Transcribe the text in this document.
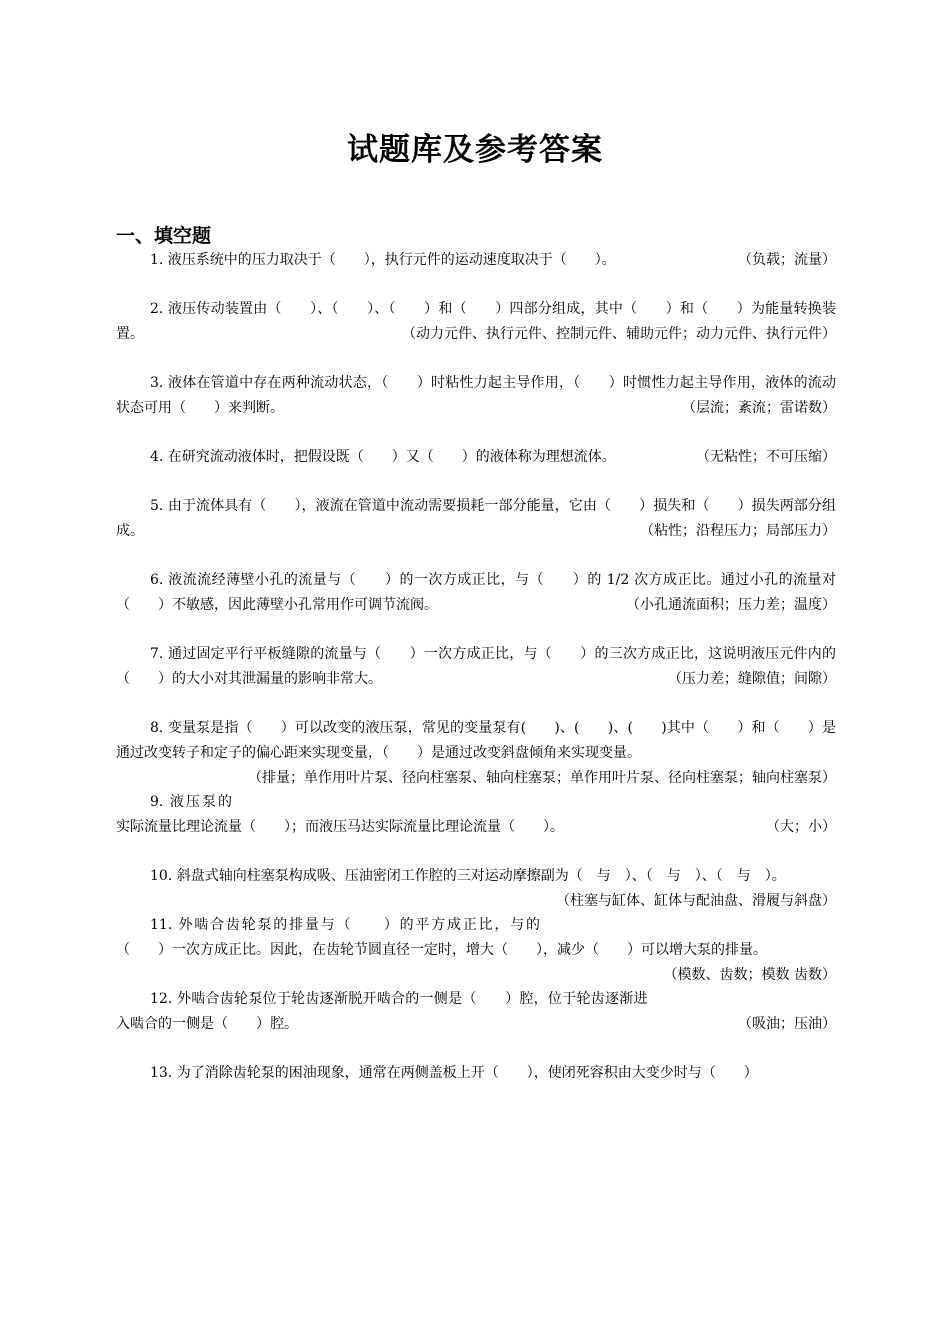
试题库及参考答案
一、填空题

1. 液压系统中的压力取决于（　　），执行元件的运动速度取决于（　　）。	（负载；流量）

2. 液压传动装置由（　　）、（　　）、（　　）和（　　）四部分组成，其中（　　）和（　　）为能量转换装置。	（动力元件、执行元件、控制元件、辅助元件；动力元件、执行元件）

3. 液体在管道中存在两种流动状态，（　　）时粘性力起主导作用，（　　）时惯性力起主导作用，液体的流动状态可用（　　）来判断。	（层流；紊流；雷诺数）

4. 在研究流动液体时，把假设既（　　）又（　　）的液体称为理想流体。	（无粘性；不可压缩）

5. 由于流体具有（　　），液流在管道中流动需要损耗一部分能量，它由（　　）损失和（　　）损失两部分组成。	（粘性；沿程压力；局部压力）

6. 液流流经薄壁小孔的流量与（　　）的一次方成正比，与（　　）的 1/2 次方成正比。通过小孔的流量对（　　）不敏感，因此薄壁小孔常用作可调节流阀。	（小孔通流面积；压力差；温度）

7. 通过固定平行平板缝隙的流量与（　　）一次方成正比，与（　　）的三次方成正比，这说明液压元件内的（　　）的大小对其泄漏量的影响非常大。	（压力差；缝隙值；间隙）

8. 变量泵是指（　　）可以改变的液压泵，常见的变量泵有(　　)、(　　)、(　　)其中（　　）和（　　）是通过改变转子和定子的偏心距来实现变量，（　　）是通过改变斜盘倾角来实现变量。
（排量；单作用叶片泵、径向柱塞泵、轴向柱塞泵；单作用叶片泵、径向柱塞泵；轴向柱塞泵）

9. 液压泵的实际流量比理论流量（　　）；而液压马达实际流量比理论流量（　　）。	（大；小）

10. 斜盘式轴向柱塞泵构成吸、压油密闭工作腔的三对运动摩擦副为（　与　）、（　与　）、（　与　）。
（柱塞与缸体、缸体与配油盘、滑履与斜盘）

11. 外啮合齿轮泵的排量与（　　）的平方成正比，与的（　　）一次方成正比。因此，在齿轮节圆直径一定时，增大（　　），减少（　　）可以增大泵的排量。
（模数、齿数；模数 齿数）

12. 外啮合齿轮泵位于轮齿逐渐脱开啮合的一侧是（　　）腔，位于轮齿逐渐进入啮合的一侧是（　　）腔。	（吸油；压油）

13. 为了消除齿轮泵的困油现象，通常在两侧盖板上开（　　），使闭死容积由大变少时与（　　）
